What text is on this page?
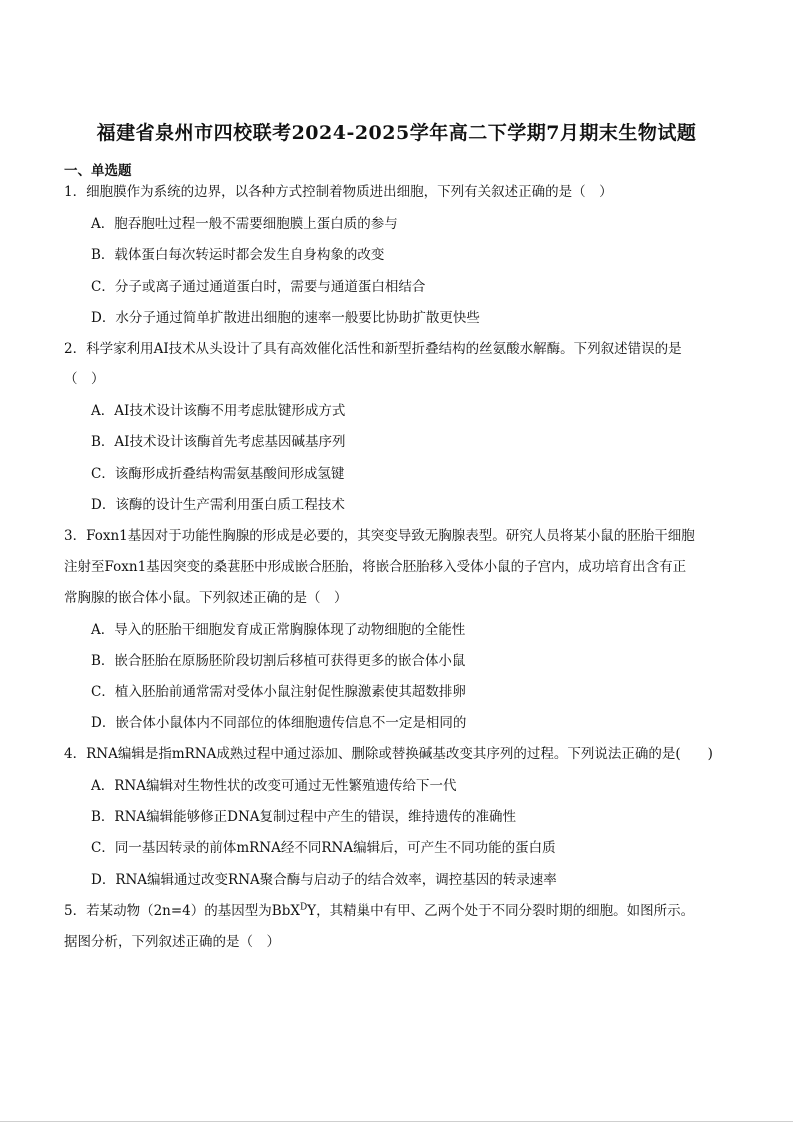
福建省泉州市四校联考2024-2025学年高二下学期7月期末生物试题
一、单选题
1．细胞膜作为系统的边界，以各种方式控制着物质进出细胞，下列有关叙述正确的是（　）
A．胞吞胞吐过程一般不需要细胞膜上蛋白质的参与
B．载体蛋白每次转运时都会发生自身构象的改变
C．分子或离子通过通道蛋白时，需要与通道蛋白相结合
D．水分子通过简单扩散进出细胞的速率一般要比协助扩散更快些
2．科学家利用AI技术从头设计了具有高效催化活性和新型折叠结构的丝氨酸水解酶。下列叙述错误的是
（　）
A．AI技术设计该酶不用考虑肽键形成方式
B．AI技术设计该酶首先考虑基因碱基序列
C．该酶形成折叠结构需氨基酸间形成氢键
D．该酶的设计生产需利用蛋白质工程技术
3．Foxn1基因对于功能性胸腺的形成是必要的，其突变导致无胸腺表型。研究人员将某小鼠的胚胎干细胞
注射至Foxn1基因突变的桑葚胚中形成嵌合胚胎，将嵌合胚胎移入受体小鼠的子宫内，成功培育出含有正
常胸腺的嵌合体小鼠。下列叙述正确的是（　）
A．导入的胚胎干细胞发育成正常胸腺体现了动物细胞的全能性
B．嵌合胚胎在原肠胚阶段切割后移植可获得更多的嵌合体小鼠
C．植入胚胎前通常需对受体小鼠注射促性腺激素使其超数排卵
D．嵌合体小鼠体内不同部位的体细胞遗传信息不一定是相同的
4．RNA编辑是指mRNA成熟过程中通过添加、删除或替换碱基改变其序列的过程。下列说法正确的是(　　)
A．RNA编辑对生物性状的改变可通过无性繁殖遗传给下一代
B．RNA编辑能够修正DNA复制过程中产生的错误，维持遗传的准确性
C．同一基因转录的前体mRNA经不同RNA编辑后，可产生不同功能的蛋白质
D．RNA编辑通过改变RNA聚合酶与启动子的结合效率，调控基因的转录速率
5．若某动物（2n=4）的基因型为BbX$^D$Y，其精巢中有甲、乙两个处于不同分裂时期的细胞。如图所示。
据图分析，下列叙述正确的是（　）
